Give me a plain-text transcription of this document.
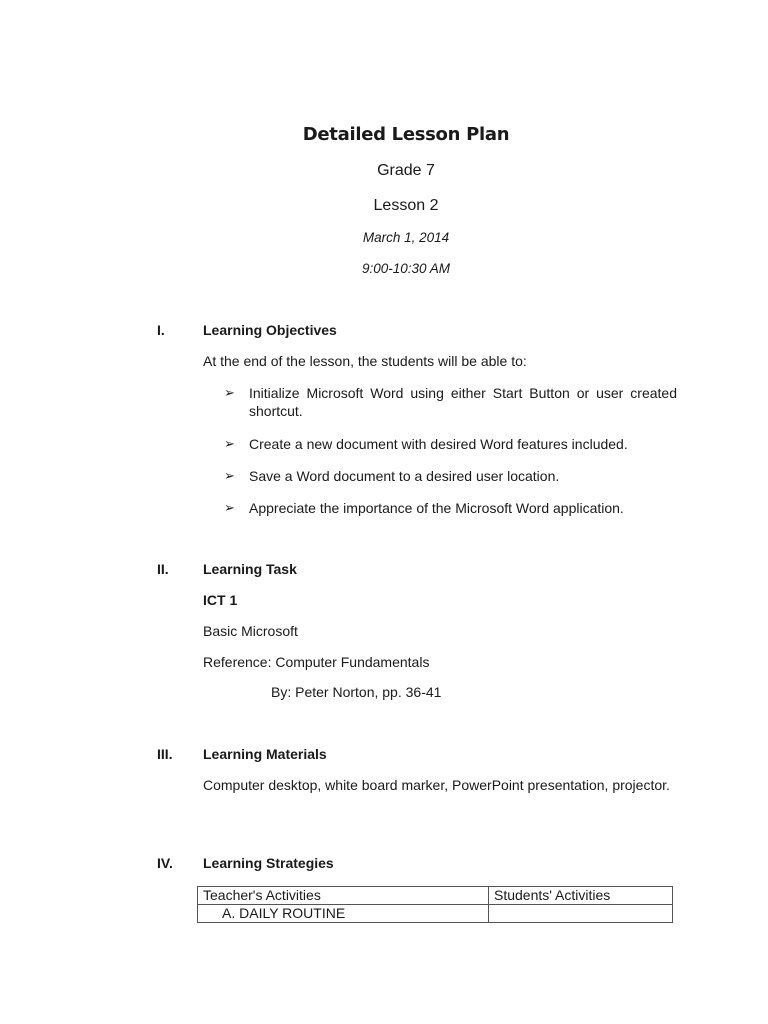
Detailed Lesson Plan
Grade 7
Lesson 2
March 1, 2014
9:00-10:30 AM
I.	Learning Objectives
At the end of the lesson, the students will be able to:
➢ Initialize Microsoft Word using either Start Button or user created shortcut.
➢ Create a new document with desired Word features included.
➢ Save a Word document to a desired user location.
➢ Appreciate the importance of the Microsoft Word application.
II. Learning Task
ICT 1
Basic Microsoft
Reference: Computer Fundamentals
By: Peter Norton, pp. 36-41
III. Learning Materials
Computer desktop, white board marker, PowerPoint presentation, projector.
IV. Learning Strategies
Teacher's Activities	Students' Activities
A. DAILY ROUTINE	
